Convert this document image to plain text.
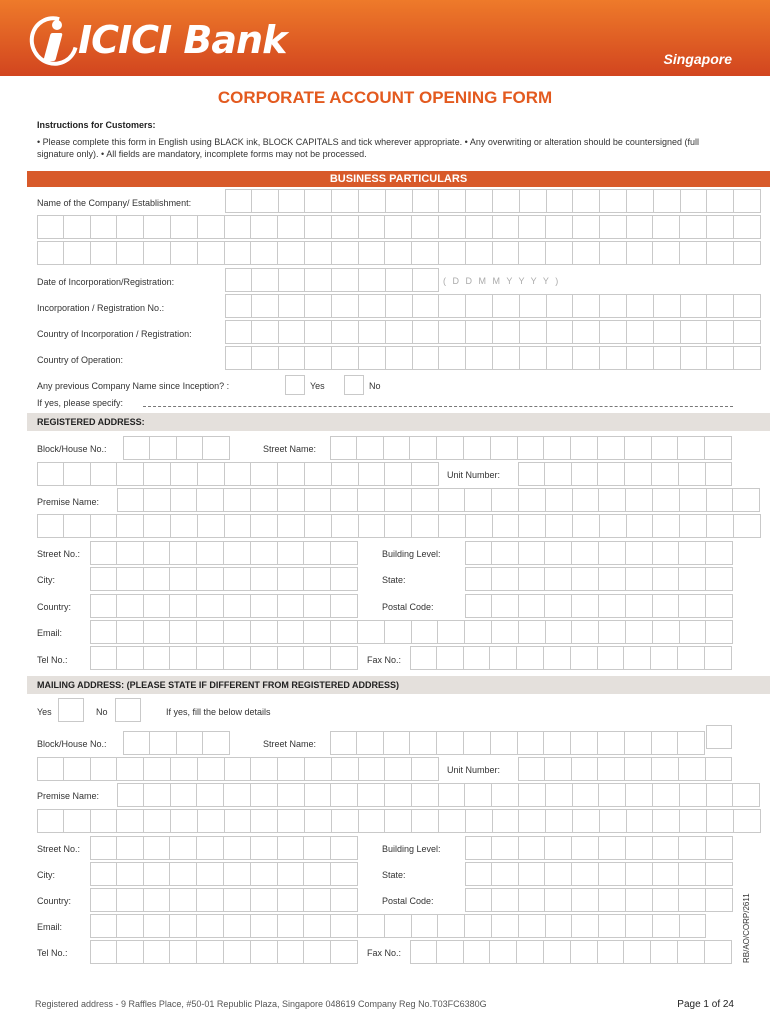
ICICI Bank	Singapore
CORPORATE ACCOUNT OPENING FORM
Instructions for Customers:
• Please complete this form in English using BLACK ink, BLOCK CAPITALS and tick wherever appropriate. • Any overwriting or alteration should be countersigned (full signature only). • All fields are mandatory, incomplete forms may not be processed.
BUSINESS PARTICULARS
Name of the Company/ Establishment:
Date of Incorporation/Registration:	( D D M M Y Y Y Y )
Incorporation / Registration No.:
Country of Incorporation / Registration:
Country of Operation:
Any previous Company Name since Inception? :	Yes	No
If yes, please specify:
REGISTERED ADDRESS:
Block/House No.:	Street Name:
Unit Number:
Premise Name:
Street No.:	Building Level:
City:	State:
Country:	Postal Code:
Email:
Tel No.:	Fax No.:
MAILING ADDRESS: (PLEASE STATE IF DIFFERENT FROM REGISTERED ADDRESS)
Yes	No	If yes, fill the below details
Block/House No.:	Street Name:
Unit Number:
Premise Name:
Street No.:	Building Level:
City:	State:
Country:	Postal Code:
Email:
Tel No.:	Fax No.:	RB/AO/CORP/2611
Registered address - 9 Raffles Place, #50-01 Republic Plaza, Singapore 048619 Company Reg No.T03FC6380G	Page 1 of 24
